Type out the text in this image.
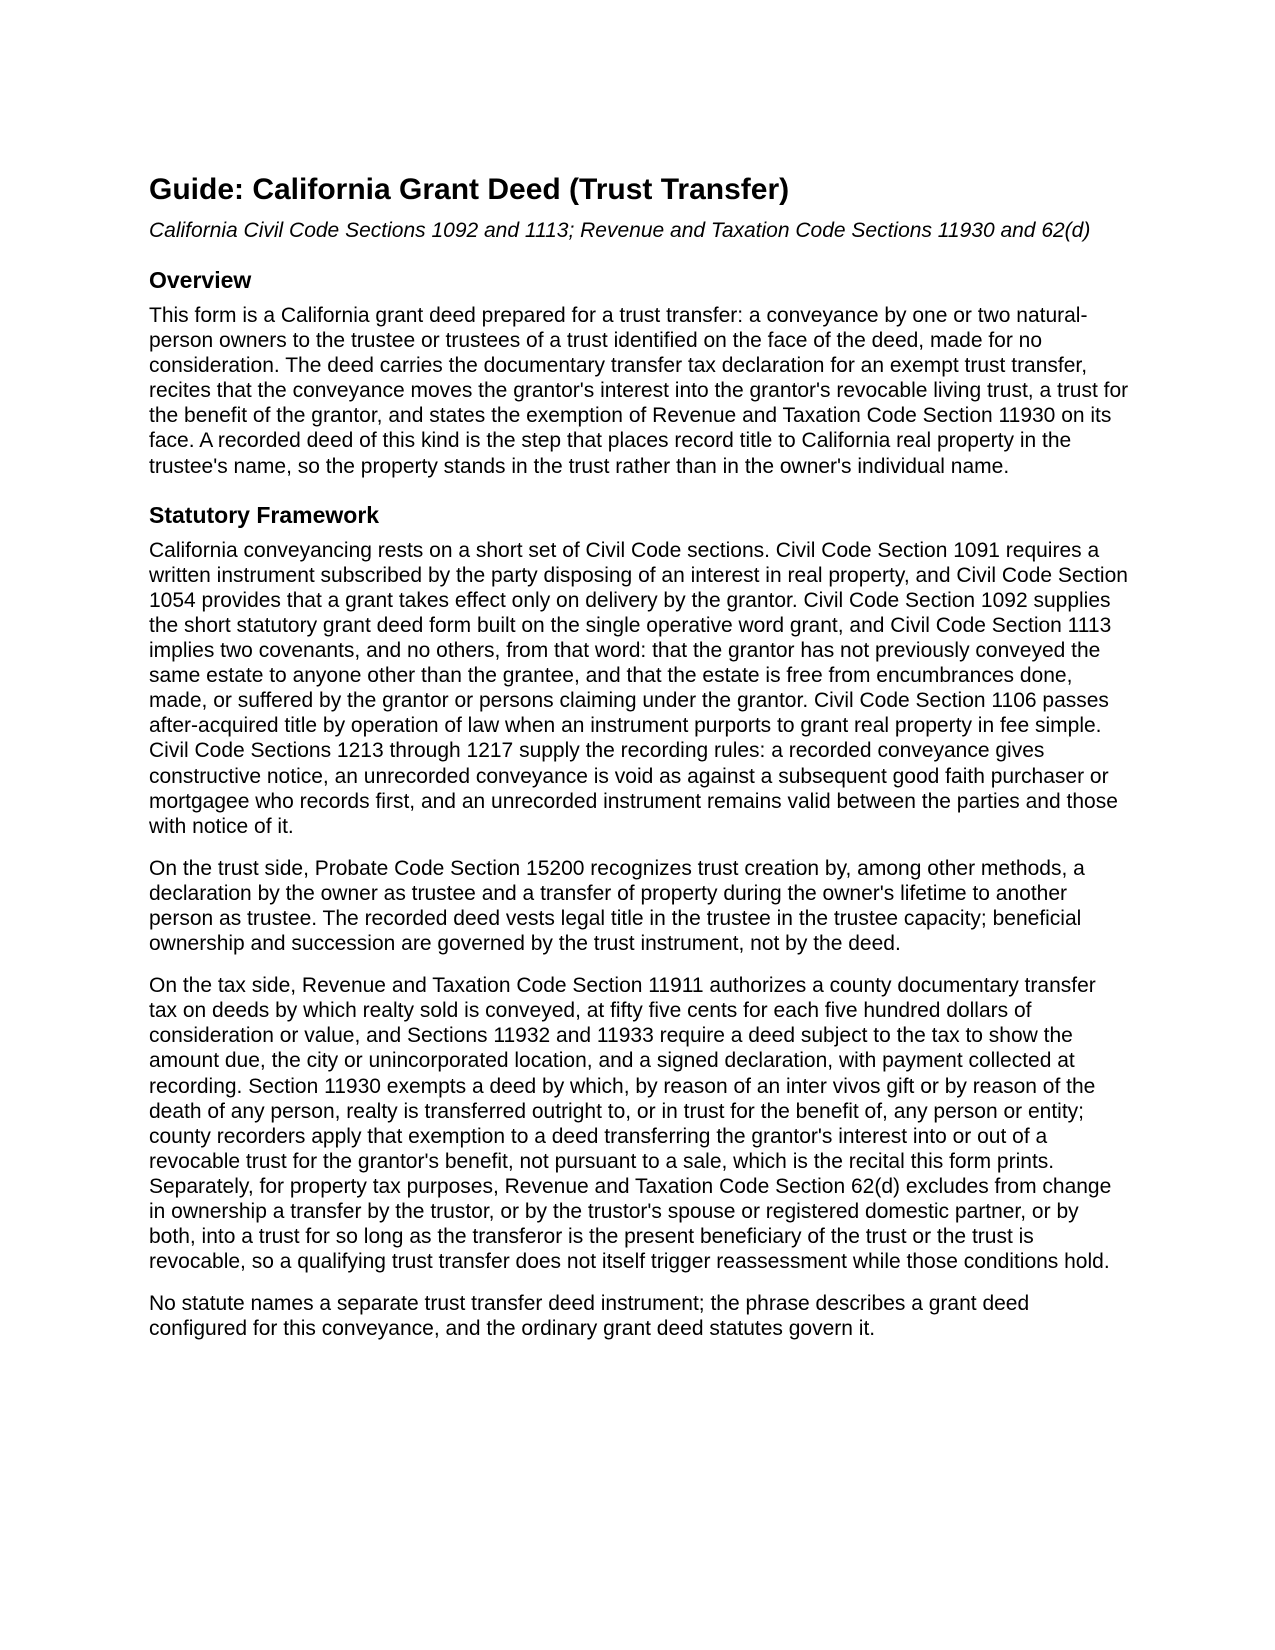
Guide: California Grant Deed (Trust Transfer)
California Civil Code Sections 1092 and 1113; Revenue and Taxation Code Sections 11930 and 62(d)
Overview

This form is a California grant deed prepared for a trust transfer: a conveyance by one or two natural-person owners to the trustee or trustees of a trust identified on the face of the deed, made for no consideration. The deed carries the documentary transfer tax declaration for an exempt trust transfer, recites that the conveyance moves the grantor's interest into the grantor's revocable living trust, a trust for the benefit of the grantor, and states the exemption of Revenue and Taxation Code Section 11930 on its face. A recorded deed of this kind is the step that places record title to California real property in the trustee's name, so the property stands in the trust rather than in the owner's individual name.

Statutory Framework

California conveyancing rests on a short set of Civil Code sections. Civil Code Section 1091 requires a written instrument subscribed by the party disposing of an interest in real property, and Civil Code Section 1054 provides that a grant takes effect only on delivery by the grantor. Civil Code Section 1092 supplies the short statutory grant deed form built on the single operative word grant, and Civil Code Section 1113 implies two covenants, and no others, from that word: that the grantor has not previously conveyed the same estate to anyone other than the grantee, and that the estate is free from encumbrances done, made, or suffered by the grantor or persons claiming under the grantor. Civil Code Section 1106 passes after-acquired title by operation of law when an instrument purports to grant real property in fee simple. Civil Code Sections 1213 through 1217 supply the recording rules: a recorded conveyance gives constructive notice, an unrecorded conveyance is void as against a subsequent good faith purchaser or mortgagee who records first, and an unrecorded instrument remains valid between the parties and those with notice of it.

On the trust side, Probate Code Section 15200 recognizes trust creation by, among other methods, a declaration by the owner as trustee and a transfer of property during the owner's lifetime to another person as trustee. The recorded deed vests legal title in the trustee in the trustee capacity; beneficial ownership and succession are governed by the trust instrument, not by the deed.

On the tax side, Revenue and Taxation Code Section 11911 authorizes a county documentary transfer tax on deeds by which realty sold is conveyed, at fifty five cents for each five hundred dollars of consideration or value, and Sections 11932 and 11933 require a deed subject to the tax to show the amount due, the city or unincorporated location, and a signed declaration, with payment collected at recording. Section 11930 exempts a deed by which, by reason of an inter vivos gift or by reason of the death of any person, realty is transferred outright to, or in trust for the benefit of, any person or entity; county recorders apply that exemption to a deed transferring the grantor's interest into or out of a revocable trust for the grantor's benefit, not pursuant to a sale, which is the recital this form prints. Separately, for property tax purposes, Revenue and Taxation Code Section 62(d) excludes from change in ownership a transfer by the trustor, or by the trustor's spouse or registered domestic partner, or by both, into a trust for so long as the transferor is the present beneficiary of the trust or the trust is revocable, so a qualifying trust transfer does not itself trigger reassessment while those conditions hold.

No statute names a separate trust transfer deed instrument; the phrase describes a grant deed configured for this conveyance, and the ordinary grant deed statutes govern it.
